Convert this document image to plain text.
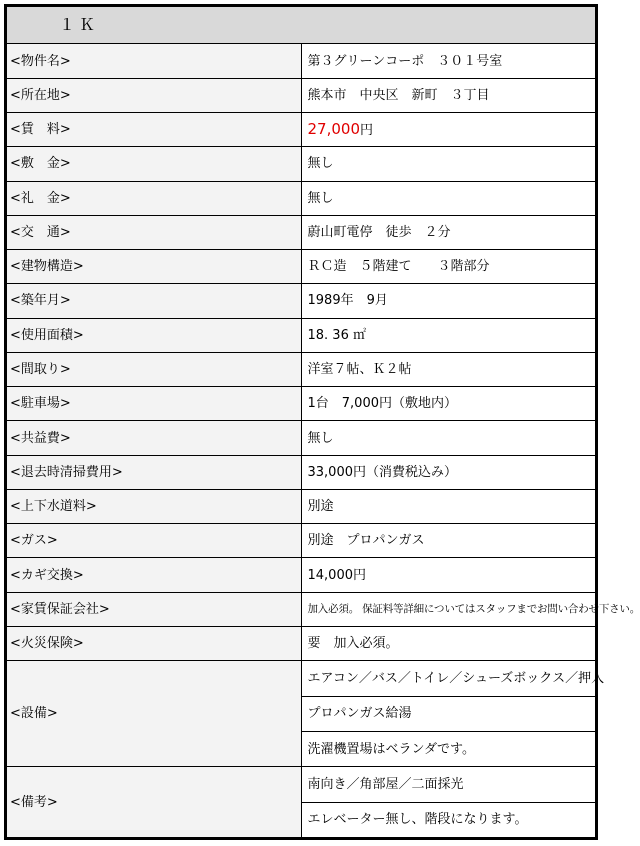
１Ｋ	
<物件名>	第３グリーンコーポ　３０１号室
<所在地>	熊本市　中央区　新町　３丁目
<賃　料>	27,000円
<敷　金>	無し
<礼　金>	無し
<交　通>	蔚山町電停　徒歩　２分
<建物構造>	ＲＣ造　５階建て　　３階部分
<築年月>	1989年　9月
<使用面積>	18. 36 ㎡
<間取り>	洋室７帖、Ｋ２帖
<駐車場>	1台　7,000円（敷地内）
<共益費>	無し
<退去時清掃費用>	33,000円（消費税込み）
<上下水道料>	別途
<ガス>	別途　プロパンガス
<カギ交換>	14,000円
<家賃保証会社>	加入必須。 保証料等詳細についてはスタッフまでお問い合わせ下さい。
<火災保険>	要　加入必須。
<設備>	エアコン／バス／トイレ／シューズボックス／押入
	プロパンガス給湯
	洗濯機置場はベランダです。
<備考>	南向き／角部屋／二面採光
	エレベーター無し、階段になります。
